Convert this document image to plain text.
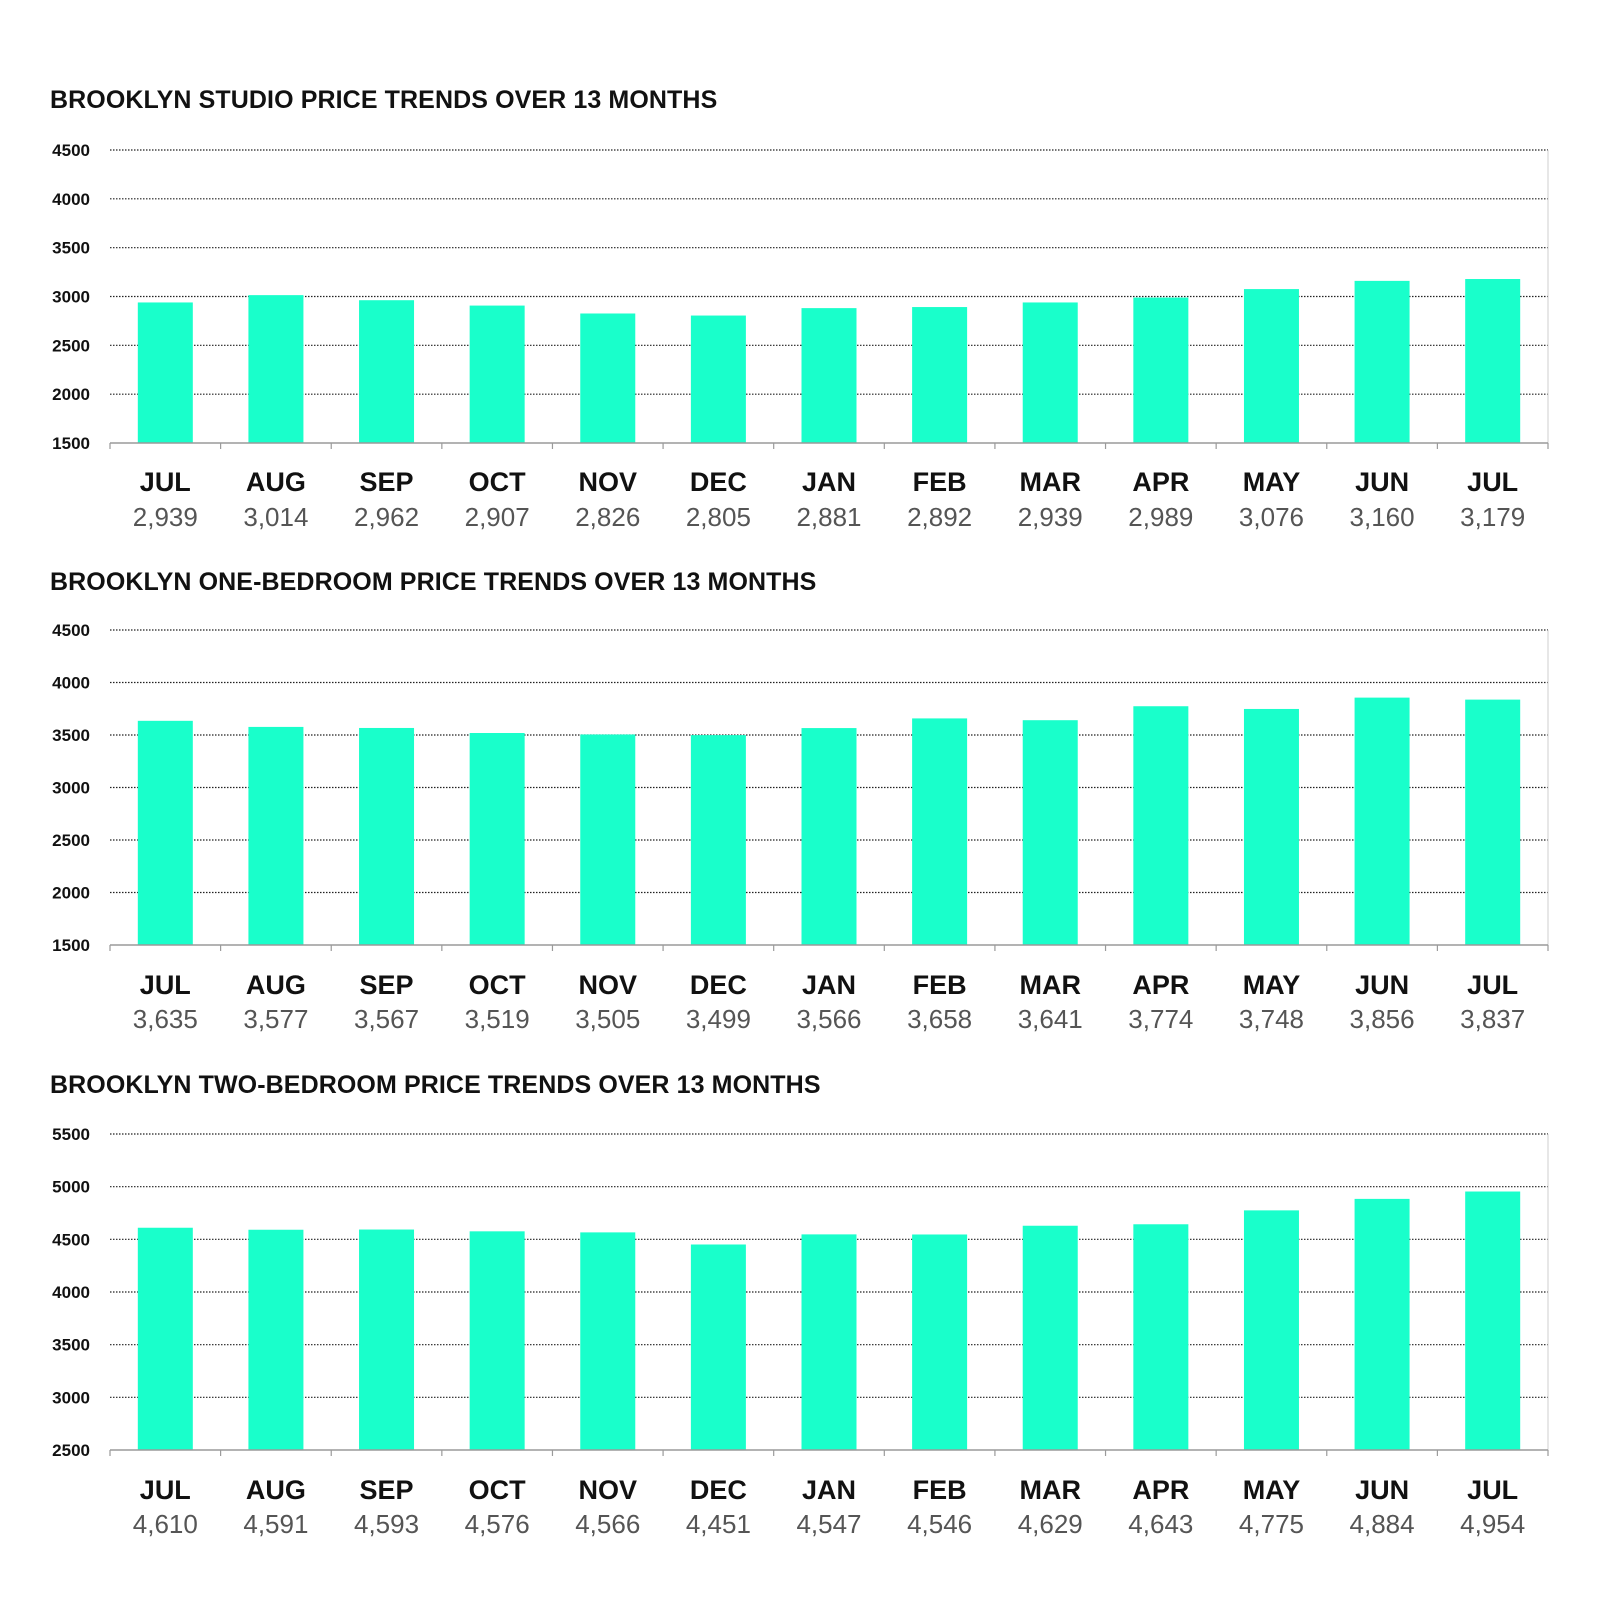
BROOKLYN STUDIO PRICE TRENDS OVER 13 MONTHS
4500
4000
3500
3000
2500
2000
1500
JUL
2,939
AUG
3,014
SEP
2,962
OCT
2,907
NOV
2,826
DEC
2,805
JAN
2,881
FEB
2,892
MAR
2,939
APR
2,989
MAY
3,076
JUN
3,160
JUL
3,179
BROOKLYN ONE-BEDROOM PRICE TRENDS OVER 13 MONTHS
4500
4000
3500
3000
2500
2000
1500
JUL
3,635
AUG
3,577
SEP
3,567
OCT
3,519
NOV
3,505
DEC
3,499
JAN
3,566
FEB
3,658
MAR
3,641
APR
3,774
MAY
3,748
JUN
3,856
JUL
3,837
BROOKLYN TWO-BEDROOM PRICE TRENDS OVER 13 MONTHS
5500
5000
4500
4000
3500
3000
2500
JUL
4,610
AUG
4,591
SEP
4,593
OCT
4,576
NOV
4,566
DEC
4,451
JAN
4,547
FEB
4,546
MAR
4,629
APR
4,643
MAY
4,775
JUN
4,884
JUL
4,954
